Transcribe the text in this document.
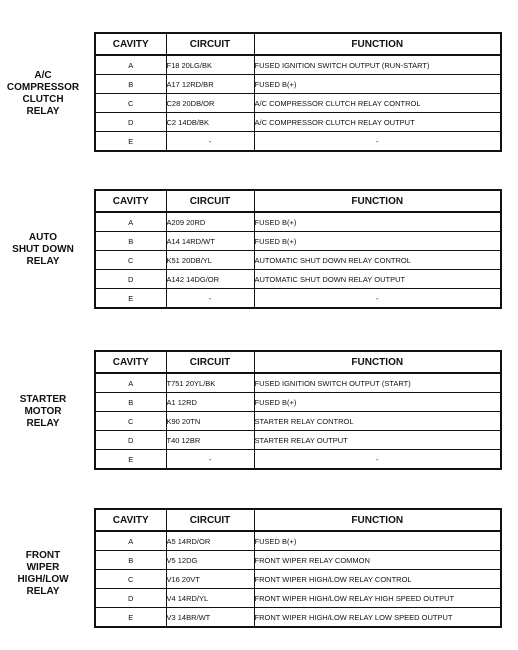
A/C
COMPRESSOR
CLUTCH
RELAY
CAVITY	CIRCUIT	FUNCTION
A	F18 20LG/BK	FUSED IGNITION SWITCH OUTPUT (RUN-START)
B	A17 12RD/BR	FUSED B(+)
C	C28 20DB/OR	A/C COMPRESSOR CLUTCH RELAY CONTROL
D	C2 14DB/BK	A/C COMPRESSOR CLUTCH RELAY OUTPUT
E	-	-
AUTO
SHUT DOWN
RELAY
CAVITY	CIRCUIT	FUNCTION
A	A209 20RD	FUSED B(+)
B	A14 14RD/WT	FUSED B(+)
C	K51 20DB/YL	AUTOMATIC SHUT DOWN RELAY CONTROL
D	A142 14DG/OR	AUTOMATIC SHUT DOWN RELAY OUTPUT
E	-	-
STARTER
MOTOR
RELAY
CAVITY	CIRCUIT	FUNCTION
A	T751 20YL/BK	FUSED IGNITION SWITCH OUTPUT (START)
B	A1 12RD	FUSED B(+)
C	K90 20TN	STARTER RELAY CONTROL
D	T40 12BR	STARTER RELAY OUTPUT
E	-	-
FRONT
WIPER
HIGH/LOW
RELAY
CAVITY	CIRCUIT	FUNCTION
A	A5 14RD/OR	FUSED B(+)
B	V5 12DG	FRONT WIPER RELAY COMMON
C	V16 20VT	FRONT WIPER HIGH/LOW RELAY CONTROL
D	V4 14RD/YL	FRONT WIPER HIGH/LOW RELAY HIGH SPEED OUTPUT
E	V3 14BR/WT	FRONT WIPER HIGH/LOW RELAY LOW SPEED OUTPUT
